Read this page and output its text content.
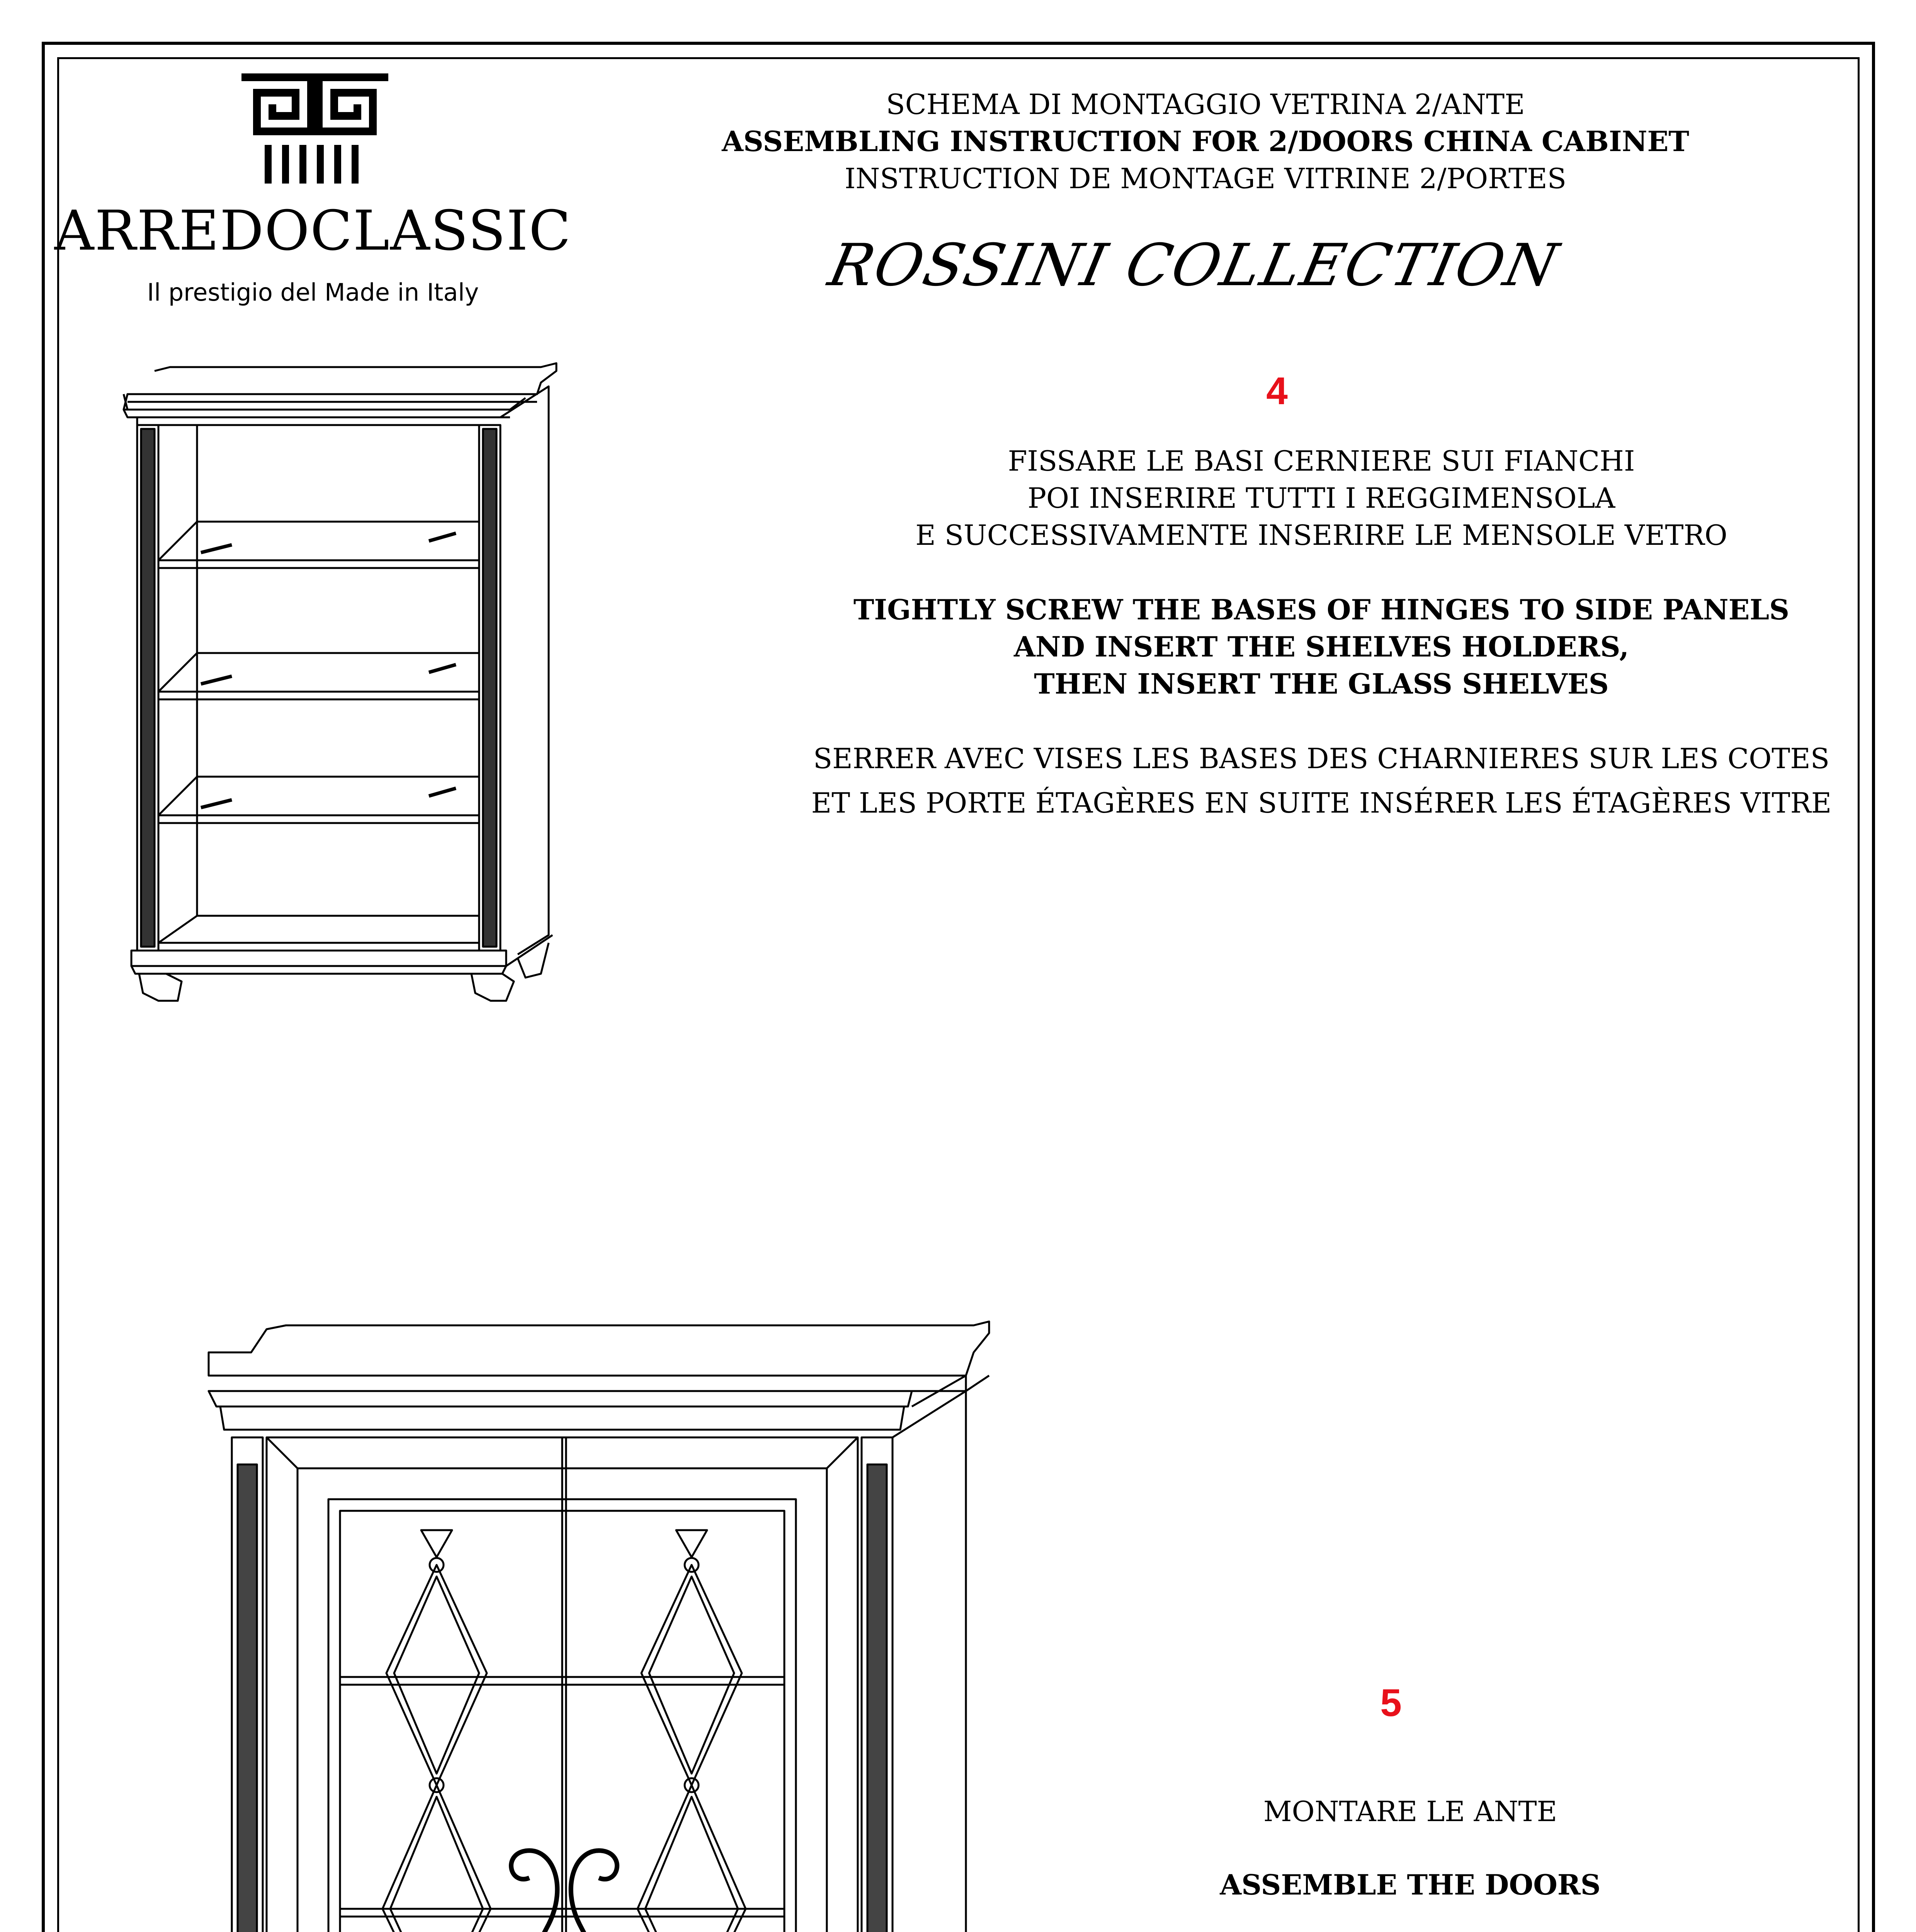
ARREDOCLASSIC
Il prestigio del Made in Italy
SCHEMA DI MONTAGGIO VETRINA 2/ANTE
ASSEMBLING INSTRUCTION FOR 2/DOORS CHINA CABINET
INSTRUCTION DE MONTAGE VITRINE 2/PORTES
ROSSINI COLLECTION
4
FISSARE LE BASI CERNIERE SUI FIANCHI
POI INSERIRE TUTTI I REGGIMENSOLA
E SUCCESSIVAMENTE INSERIRE LE MENSOLE VETRO
TIGHTLY SCREW THE BASES OF HINGES TO SIDE PANELS
AND INSERT THE SHELVES HOLDERS,
THEN INSERT THE GLASS SHELVES
SERRER AVEC VISES LES BASES DES CHARNIERES SUR LES COTES
ET LES PORTE ÉTAGÈRES EN SUITE INSÉRER LES ÉTAGÈRES VITRE
5
MONTARE LE ANTE
ASSEMBLE THE DOORS
